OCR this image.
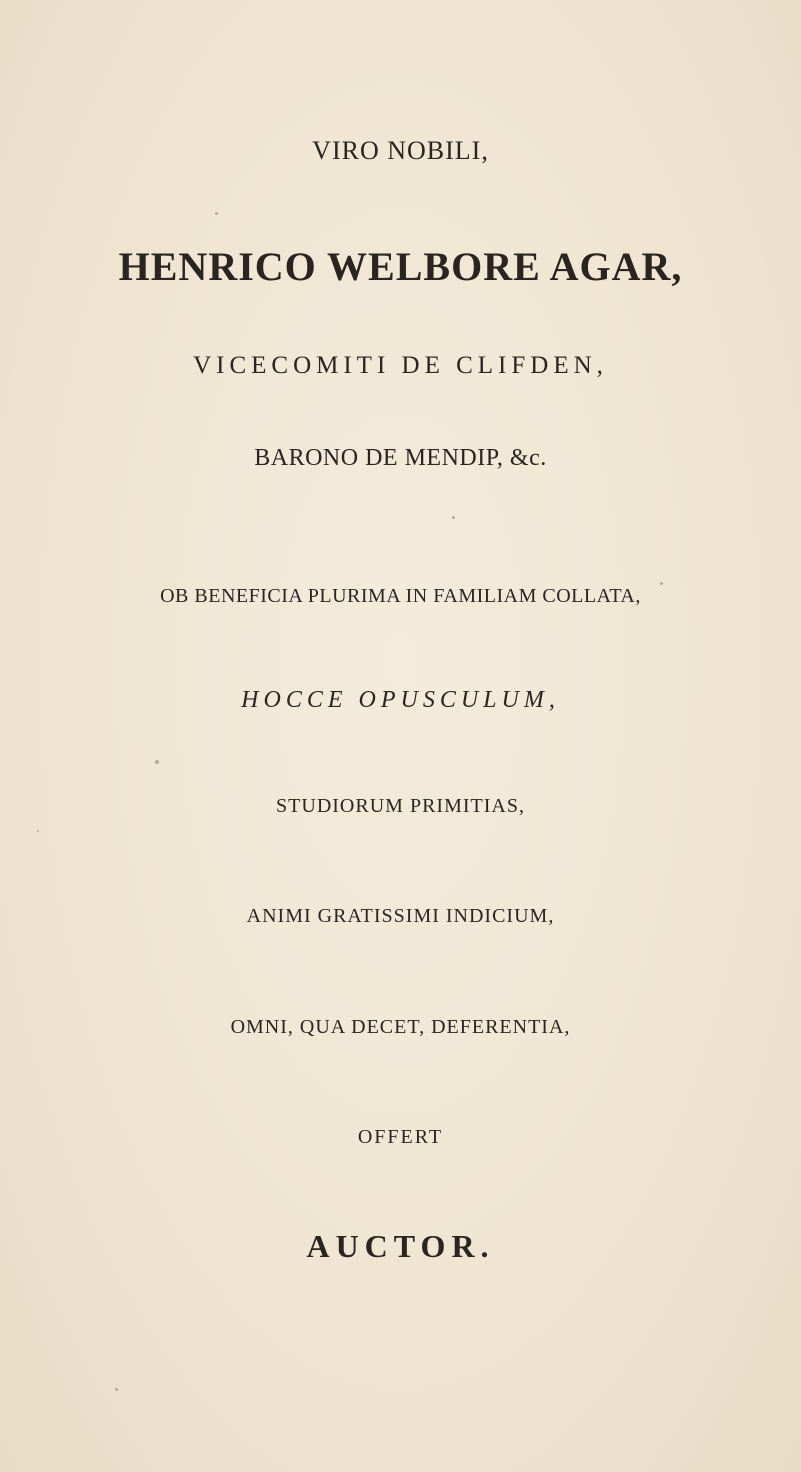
VIRO NOBILI,
HENRICO WELBORE AGAR,
VICECOMITI DE CLIFDEN,
BARONO DE MENDIP, &c.
OB BENEFICIA PLURIMA IN FAMILIAM COLLATA,
HOCCE OPUSCULUM,
STUDIORUM PRIMITIAS,
ANIMI GRATISSIMI INDICIUM,
OMNI, QUA DECET, DEFERENTIA,
OFFERT
AUCTOR.
